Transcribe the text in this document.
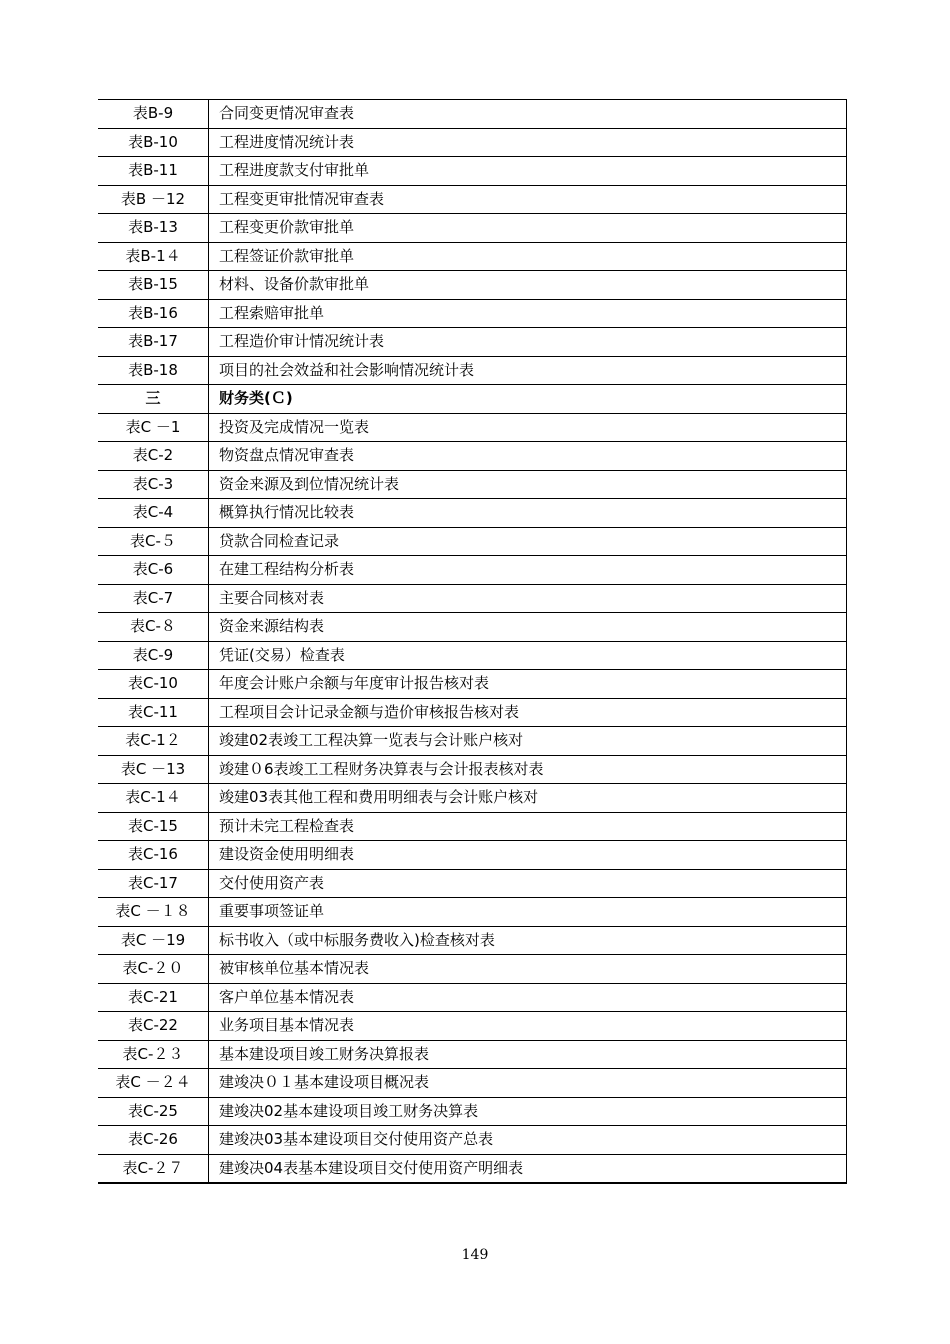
表B-9	合同变更情况审查表
表B-10	工程进度情况统计表
表B-11	工程进度款支付审批单
表B －12	工程变更审批情况审查表
表B-13	工程变更价款审批单
表B-1４	工程签证价款审批单
表B-15	材料、设备价款审批单
表B-16	工程索赔审批单
表B-17	工程造价审计情况统计表
表B-18	项目的社会效益和社会影响情况统计表
三	财务类(Ｃ)
表C －1	投资及完成情况一览表
表C-2	物资盘点情况审查表
表C-3	资金来源及到位情况统计表
表C-4	概算执行情况比较表
表C-５	贷款合同检查记录
表C-6	在建工程结构分析表
表C-7	主要合同核对表
表C-８	资金来源结构表
表C-9	凭证(交易）检查表
表C-10	年度会计账户余额与年度审计报告核对表
表C-11	工程项目会计记录金额与造价审核报告核对表
表C-1２	竣建02表竣工工程决算一览表与会计账户核对
表C －13	竣建０6表竣工工程财务决算表与会计报表核对表
表C-1４	竣建03表其他工程和费用明细表与会计账户核对
表C-15	预计未完工程检查表
表C-16	建设资金使用明细表
表C-17	交付使用资产表
表C －１８	重要事项签证单
表C －19	标书收入（或中标服务费收入)检查核对表
表C-２０	被审核单位基本情况表
表C-21	客户单位基本情况表
表C-22	业务项目基本情况表
表C-２３	基本建设项目竣工财务决算报表
表C －２４	建竣决０１基本建设项目概况表
表C-25	建竣决02基本建设项目竣工财务决算表
表C-26	建竣决03基本建设项目交付使用资产总表
表C-２７	建竣决04表基本建设项目交付使用资产明细表
149
